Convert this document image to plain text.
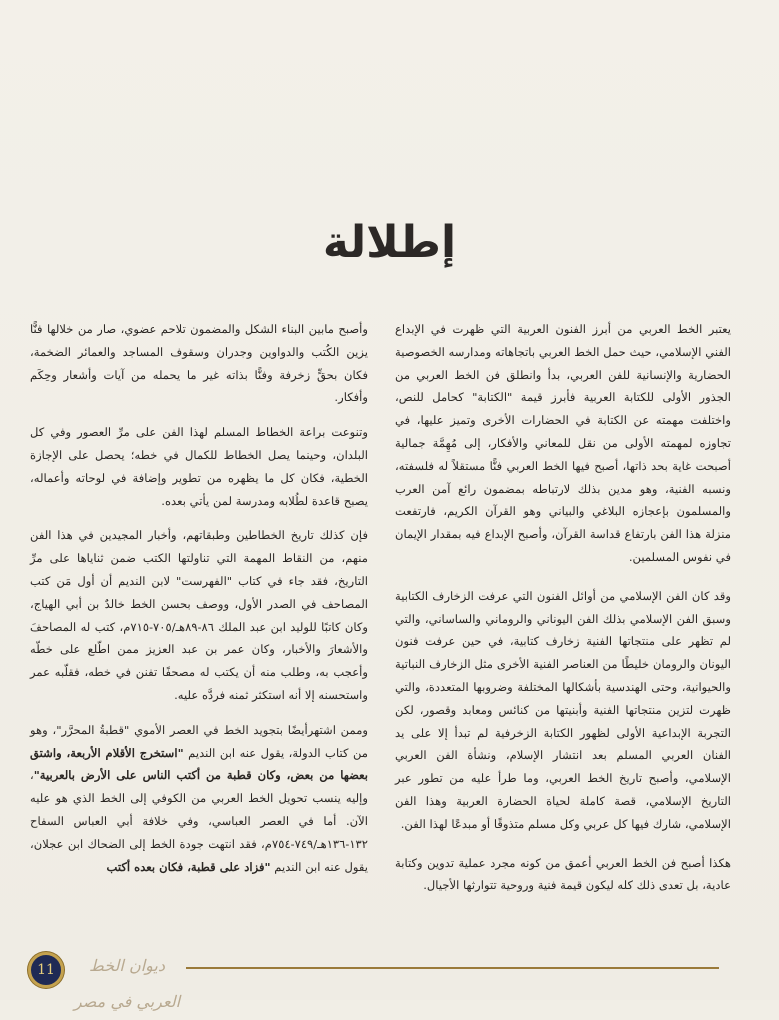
إطلالة

يعتبر الخط العربي من أبرز الفنون العربية التي ظهرت في الإبداع الفني الإسلامي، حيث حمل الخط العربي باتجاهاته ومدارسه الخصوصية الحضارية والإنسانية للفن العربي، بدأ وانطلق فن الخط العربي من الجذور الأولى للكتابة العربية فأبرز قيمة "الكتابة" كحامل للنص، واختلفت مهمته عن الكتابة في الحضارات الأخرى وتميز عليها، في تجاوزه لمهمته الأولى من نقل للمعاني والأفكار، إلى مُهِمَّة جمالية أصبحت غاية بحد ذاتها، أصبح فيها الخط العربي فنًّا مستقلاً له فلسفته، ونسبه الفنية، وهو مدين بذلك لارتباطه بمضمون رائع آمن العرب والمسلمون بإعجازه البلاغي والبياني وهو القرآن الكريم، فارتفعت منزلة هذا الفن بارتفاع قداسة القرآن، وأصبح الإبداع فيه بمقدار الإيمان في نفوس المسلمين.

وقد كان الفن الإسلامي من أوائل الفنون التي عرفت الزخارف الكتابية وسبق الفن الإسلامي بذلك الفن اليوناني والروماني والساساني، والتي لم تظهر على منتجاتها الفنية زخارف كتابية، في حين عرفت فنون اليونان والرومان خليطًا من العناصر الفنية الأخرى مثل الزخارف النباتية والحيوانية، وحتى الهندسية بأشكالها المختلفة وضروبها المتعددة، والتي ظهرت لتزين منتجاتها الفنية وأبنيتها من كنائس ومعابد وقصور، لكن التجربة الإبداعية الأولى لظهور الكتابة الزخرفية لم تبدأ إلا على يد الفنان العربي المسلم بعد انتشار الإسلام، ونشأة الفن العربي الإسلامي، وأصبح تاريخ الخط العربي، وما طرأ عليه من تطور عبر التاريخ الإسلامي، قصة كاملة لحياة الحضارة العربية وهذا الفن الإسلامي، شارك فيها كل عربي وكل مسلم متذوقًا أو مبدعًا لهذا الفن.

هكذا أصبح فن الخط العربي أعمق من كونه مجرد عملية تدوين وكتابة عادية، بل تعدى ذلك كله ليكون قيمة فنية وروحية تتوارثها الأجيال.

وأصبح مابين البناء الشكل والمضمون تلاحم عضوي، صار من خلالها فنًّا يزين الكُتب والدواوين وجدران وسقوف المساجد والعمائر الضخمة، فكان بحقٍّ زخرفة وفنًّا بذاته غير ما يحمله من آيات وأشعار وحِكَم وأفكار.

وتنوعت براعة الخطاط المسلم لهذا الفن على مرِّ العصور وفي كل البلدان، وحينما يصل الخطاط للكمال في خطه؛ يحصل على الإجازة الخطية، فكان كل ما يظهره من تطوير وإضافة في لوحاته وأعماله، يصبح قاعدة لطُلابه ومدرسة لمن يأتي بعده.

فإن كذلك تاريخ الخطاطين وطبقاتهم، وأخبار المجيدين في هذا الفن منهم، من النقاط المهمة التي تناولتها الكتب ضمن ثناياها على مرِّ التاريخ، فقد جاء في كتاب "الفهرست" لابن النديم أن أول مَن كتب المصاحف في الصدر الأول، ووصف بحسن الخط خالدٌ بن أبي الهياج، وكان كاتبًا للوليد ابن عبد الملك ٨٦-٨٩هـ/٧٠٥-٧١٥م، كتب له المصاحفَ والأشعارَ والأخبار، وكان عمر بن عبد العزيز ممن اطّلع على خطّه وأعجب به، وطلب منه أن يكتب له مصحفًا تفنن في خطه، فقلّبه عمر واستحسنه إلا أنه استكثر ثمنه فردَّه عليه.

وممن اشتهرأيضًا بتجويد الخط في العصر الأموي "قطبةُ المحرَّر"، وهو من كتاب الدولة، يقول عنه ابن النديم "استخرج الأقلام الأربعة، واشتق بعضها من بعض، وكان قطبة من أكتب الناس على الأرض بالعربية"، وإليه ينسب تحويل الخط العربي من الكوفي إلى الخط الذي هو عليه الآن. أما في العصر العباسي، وفي خلافة أبي العباس السفاح ١٣٢-١٣٦هـ/٧٤٩-٧٥٤م، فقد انتهت جودة الخط إلى الضحاك ابن عجلان، يقول عنه ابن النديم "فزاد على قطبة، فكان بعده أكتب

11	ديوان الخط العربي في مصر
